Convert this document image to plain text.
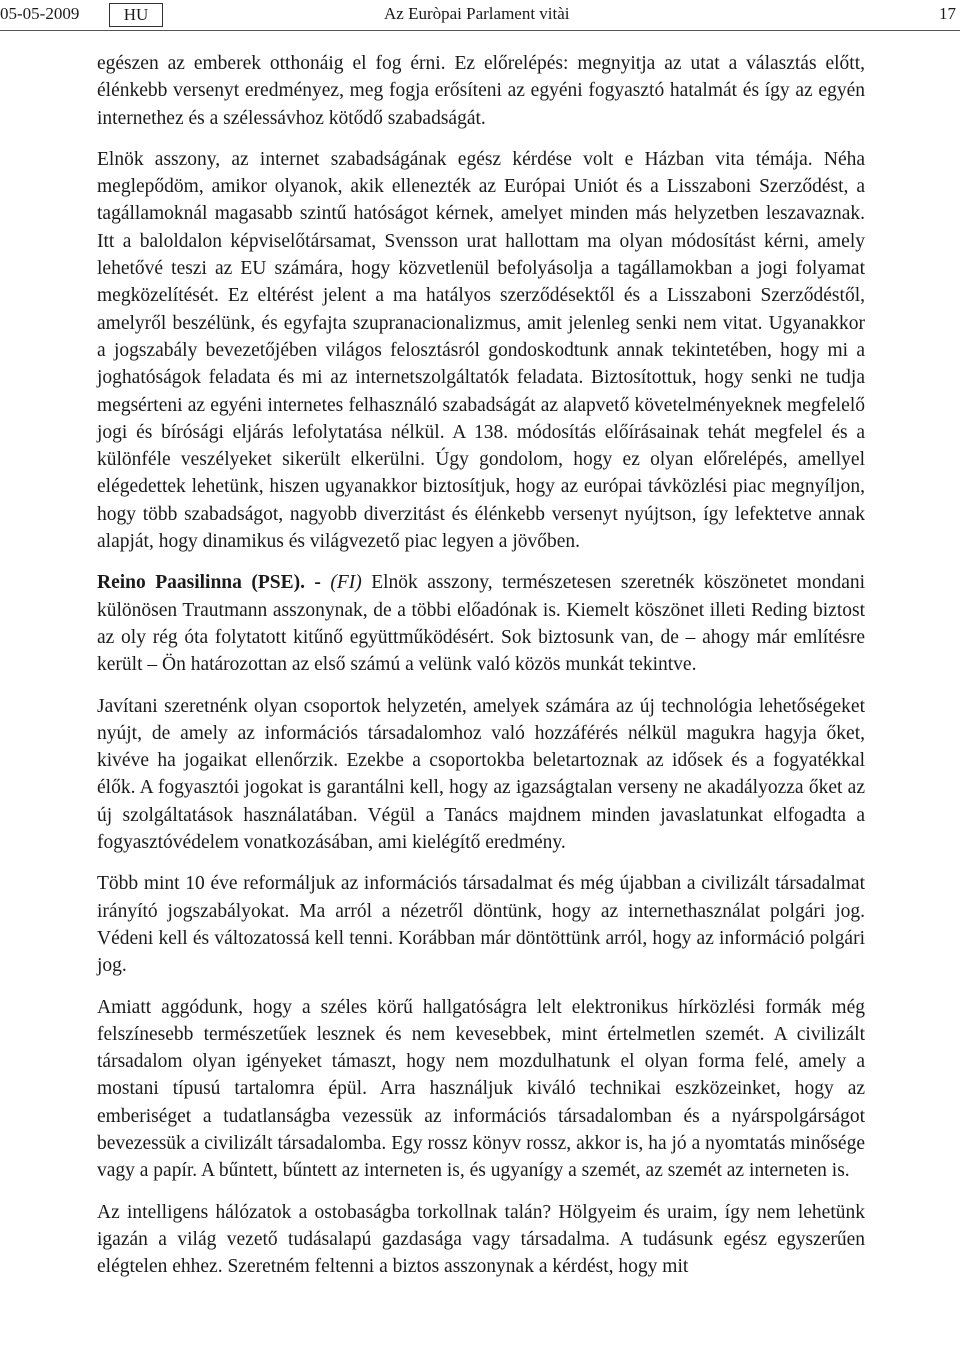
05-05-2009	HU	Az Euròpai Parlament vitài	17

egészen az emberek otthonáig el fog érni. Ez előrelépés: megnyitja az utat a választás előtt, élénkebb versenyt eredményez, meg fogja erősíteni az egyéni fogyasztó hatalmát és így az egyén internethez és a szélessávhoz kötődő szabadságát.

Elnök asszony, az internet szabadságának egész kérdése volt e Házban vita témája. Néha meglepődöm, amikor olyanok, akik ellenezték az Európai Uniót és a Lisszaboni Szerződést, a tagállamoknál magasabb szintű hatóságot kérnek, amelyet minden más helyzetben leszavaznak. Itt a baloldalon képviselőtársamat, Svensson urat hallottam ma olyan módosítást kérni, amely lehetővé teszi az EU számára, hogy közvetlenül befolyásolja a tagállamokban a jogi folyamat megközelítését. Ez eltérést jelent a ma hatályos szerződésektől és a Lisszaboni Szerződéstől, amelyről beszélünk, és egyfajta szupranacionalizmus, amit jelenleg senki nem vitat. Ugyanakkor a jogszabály bevezetőjében világos felosztásról gondoskodtunk annak tekintetében, hogy mi a joghatóságok feladata és mi az internetszolgáltatók feladata. Biztosítottuk, hogy senki ne tudja megsérteni az egyéni internetes felhasználó szabadságát az alapvető követelményeknek megfelelő jogi és bírósági eljárás lefolytatása nélkül. A 138. módosítás előírásainak tehát megfelel és a különféle veszélyeket sikerült elkerülni. Úgy gondolom, hogy ez olyan előrelépés, amellyel elégedettek lehetünk, hiszen ugyanakkor biztosítjuk, hogy az európai távközlési piac megnyíljon, hogy több szabadságot, nagyobb diverzitást és élénkebb versenyt nyújtson, így lefektetve annak alapját, hogy dinamikus és világvezető piac legyen a jövőben.

Reino Paasilinna (PSE). - (FI) Elnök asszony, természetesen szeretnék köszönetet mondani különösen Trautmann asszonynak, de a többi előadónak is. Kiemelt köszönet illeti Reding biztost az oly rég óta folytatott kitűnő együttműködésért. Sok biztosunk van, de – ahogy már említésre került – Ön határozottan az első számú a velünk való közös munkát tekintve.

Javítani szeretnénk olyan csoportok helyzetén, amelyek számára az új technológia lehetőségeket nyújt, de amely az információs társadalomhoz való hozzáférés nélkül magukra hagyja őket, kivéve ha jogaikat ellenőrzik. Ezekbe a csoportokba beletartoznak az idősek és a fogyatékkal élők. A fogyasztói jogokat is garantálni kell, hogy az igazságtalan verseny ne akadályozza őket az új szolgáltatások használatában. Végül a Tanács majdnem minden javaslatunkat elfogadta a fogyasztóvédelem vonatkozásában, ami kielégítő eredmény.

Több mint 10 éve reformáljuk az információs társadalmat és még újabban a civilizált társadalmat irányító jogszabályokat. Ma arról a nézetről döntünk, hogy az internethasználat polgári jog. Védeni kell és változatossá kell tenni. Korábban már döntöttünk arról, hogy az információ polgári jog.

Amiatt aggódunk, hogy a széles körű hallgatóságra lelt elektronikus hírközlési formák még felszínesebb természetűek lesznek és nem kevesebbek, mint értelmetlen szemét. A civilizált társadalom olyan igényeket támaszt, hogy nem mozdulhatunk el olyan forma felé, amely a mostani típusú tartalomra épül. Arra használjuk kiváló technikai eszközeinket, hogy az emberiséget a tudatlanságba vezessük az információs társadalomban és a nyárspolgárságot bevezessük a civilizált társadalomba. Egy rossz könyv rossz, akkor is, ha jó a nyomtatás minősége vagy a papír. A bűntett, bűntett az interneten is, és ugyanígy a szemét, az szemét az interneten is.

Az intelligens hálózatok a ostobaságba torkollnak talán? Hölgyeim és uraim, így nem lehetünk igazán a világ vezető tudásalapú gazdasága vagy társadalma. A tudásunk egész egyszerűen elégtelen ehhez. Szeretném feltenni a biztos asszonynak a kérdést, hogy mit
